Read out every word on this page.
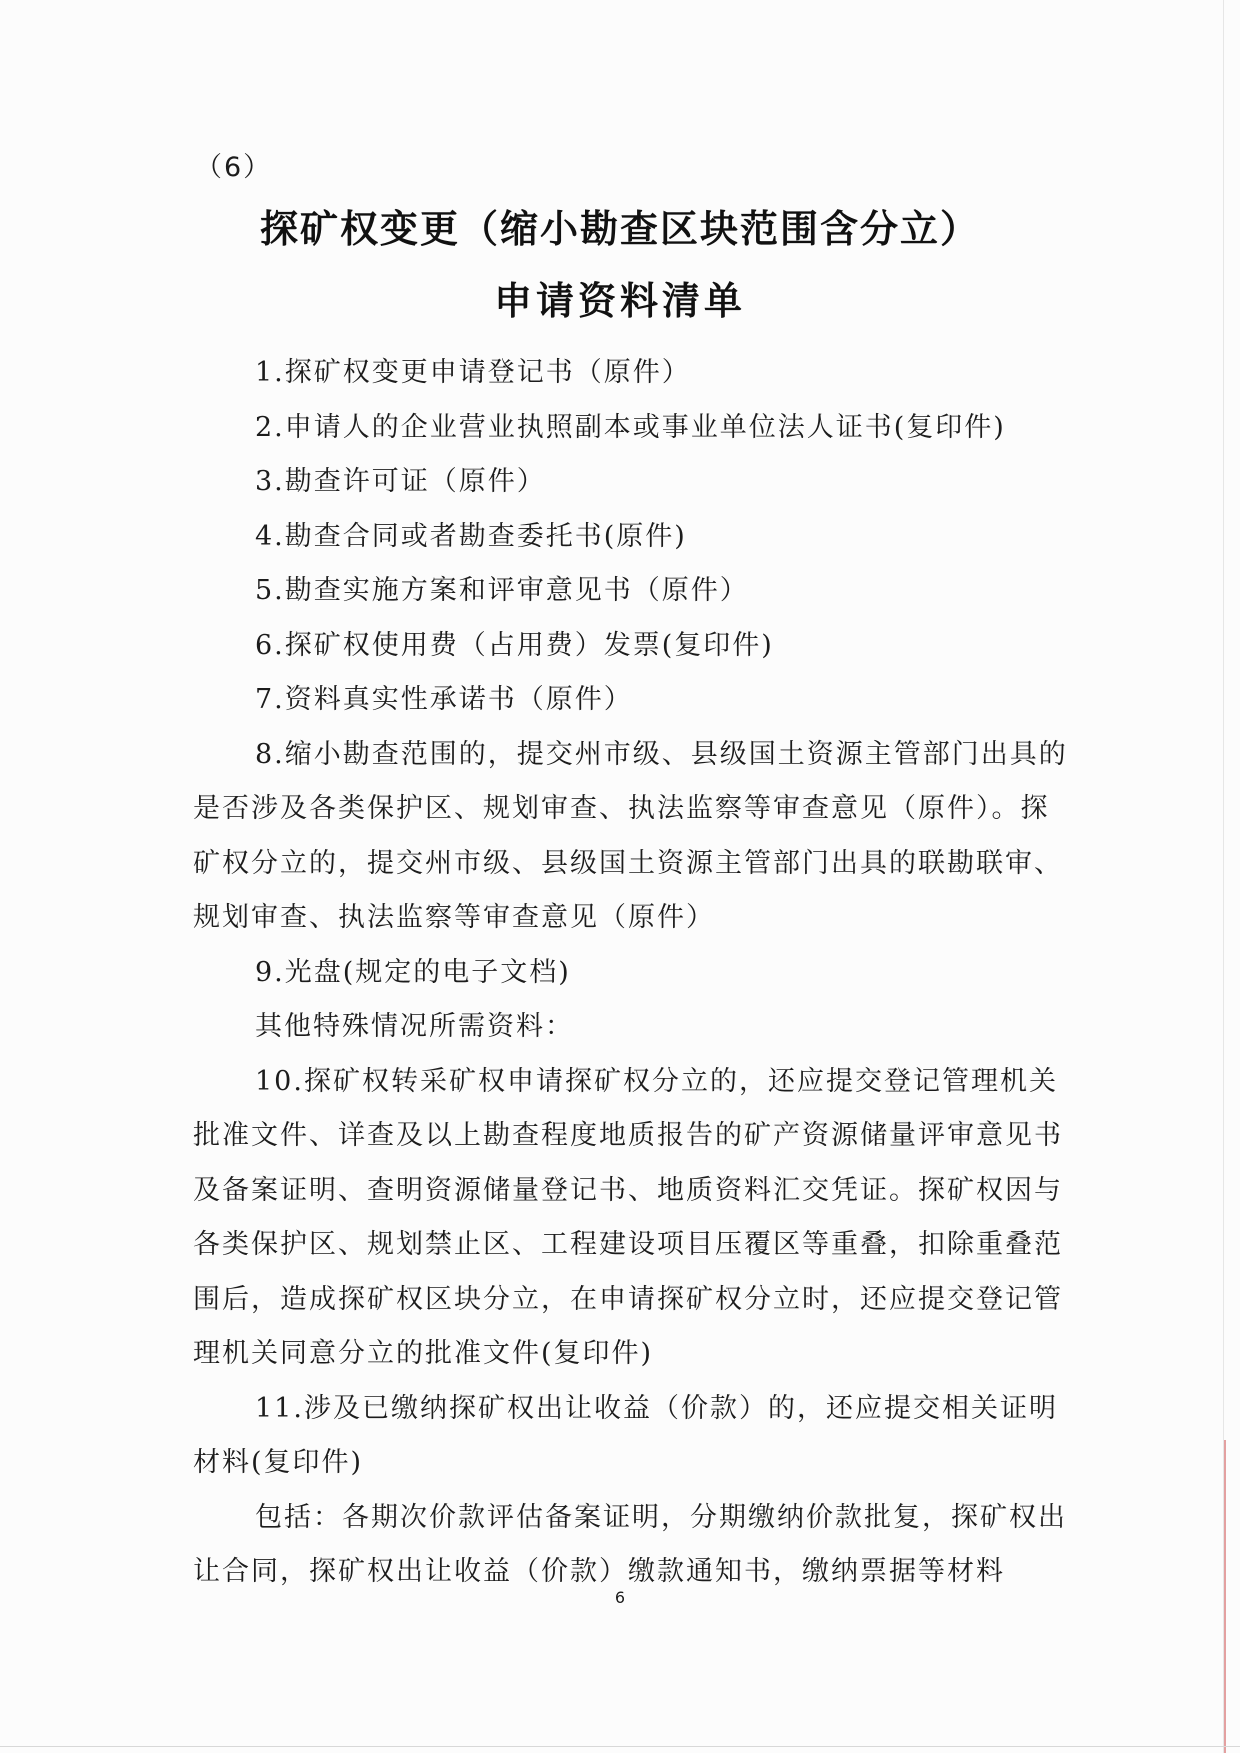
（6）
探矿权变更（缩小勘查区块范围含分立）
申请资料清单

1.探矿权变更申请登记书（原件）

2.申请人的企业营业执照副本或事业单位法人证书(复印件)

3.勘查许可证（原件）

4.勘查合同或者勘查委托书(原件)

5.勘查实施方案和评审意见书（原件）

6.探矿权使用费（占用费）发票(复印件)

7.资料真实性承诺书（原件）

8.缩小勘查范围的，提交州市级、县级国土资源主管部门出具的是否涉及各类保护区、规划审查、执法监察等审查意见（原件）。探矿权分立的，提交州市级、县级国土资源主管部门出具的联勘联审、规划审查、执法监察等审查意见（原件）

9.光盘(规定的电子文档)

其他特殊情况所需资料：

10.探矿权转采矿权申请探矿权分立的，还应提交登记管理机关批准文件、详查及以上勘查程度地质报告的矿产资源储量评审意见书及备案证明、查明资源储量登记书、地质资料汇交凭证。探矿权因与各类保护区、规划禁止区、工程建设项目压覆区等重叠，扣除重叠范围后，造成探矿权区块分立，在申请探矿权分立时，还应提交登记管理机关同意分立的批准文件(复印件)

11.涉及已缴纳探矿权出让收益（价款）的，还应提交相关证明材料(复印件)

包括：各期次价款评估备案证明，分期缴纳价款批复，探矿权出让合同，探矿权出让收益（价款）缴款通知书，缴纳票据等材料

6
